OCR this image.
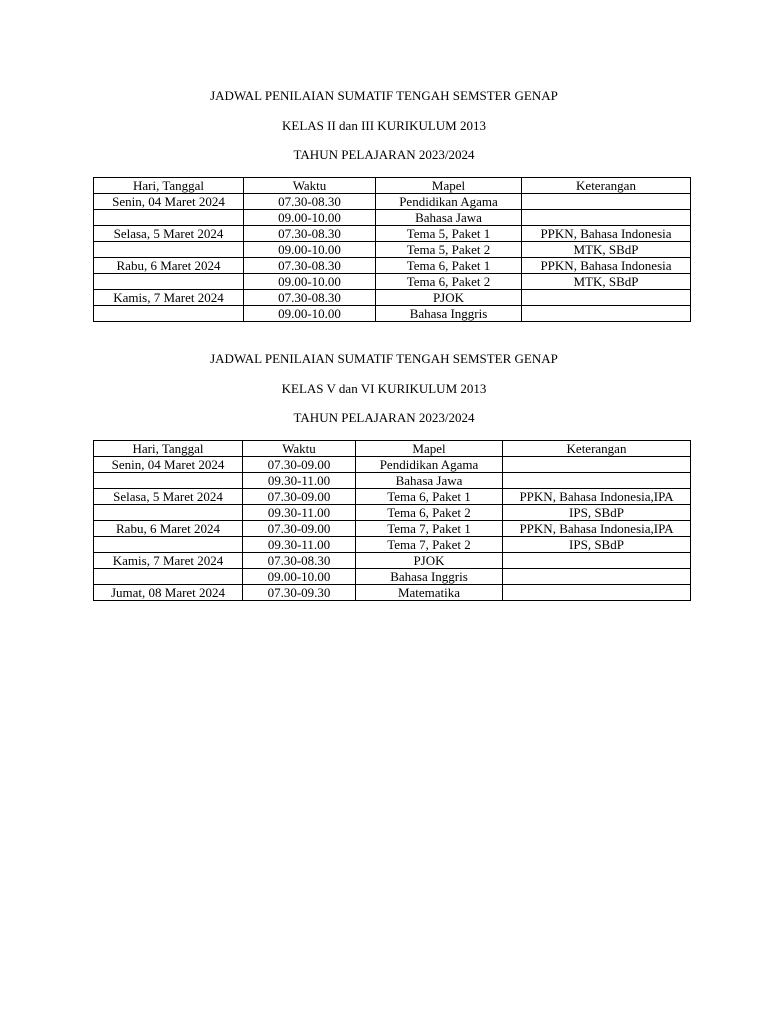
JADWAL PENILAIAN SUMATIF TENGAH SEMSTER GENAP

KELAS II dan III KURIKULUM 2013

TAHUN PELAJARAN 2023/2024

Hari, Tanggal	Waktu	Mapel	Keterangan
Senin, 04 Maret 2024	07.30-08.30	Pendidikan Agama	
	09.00-10.00	Bahasa Jawa	
Selasa, 5 Maret 2024	07.30-08.30	Tema 5, Paket 1	PPKN, Bahasa Indonesia
	09.00-10.00	Tema 5, Paket 2	MTK, SBdP
Rabu, 6 Maret 2024	07.30-08.30	Tema 6, Paket 1	PPKN, Bahasa Indonesia
	09.00-10.00	Tema 6, Paket 2	MTK, SBdP
Kamis, 7 Maret 2024	07.30-08.30	PJOK	
	09.00-10.00	Bahasa Inggris	

JADWAL PENILAIAN SUMATIF TENGAH SEMSTER GENAP

KELAS V dan VI KURIKULUM 2013

TAHUN PELAJARAN 2023/2024

Hari, Tanggal	Waktu	Mapel	Keterangan
Senin, 04 Maret 2024	07.30-09.00	Pendidikan Agama	
	09.30-11.00	Bahasa Jawa	
Selasa, 5 Maret 2024	07.30-09.00	Tema 6, Paket 1	PPKN, Bahasa Indonesia,IPA
	09.30-11.00	Tema 6, Paket 2	IPS, SBdP
Rabu, 6 Maret 2024	07.30-09.00	Tema 7, Paket 1	PPKN, Bahasa Indonesia,IPA
	09.30-11.00	Tema 7, Paket 2	IPS, SBdP
Kamis, 7 Maret 2024	07.30-08.30	PJOK	
	09.00-10.00	Bahasa Inggris	
Jumat, 08 Maret 2024	07.30-09.30	Matematika	
